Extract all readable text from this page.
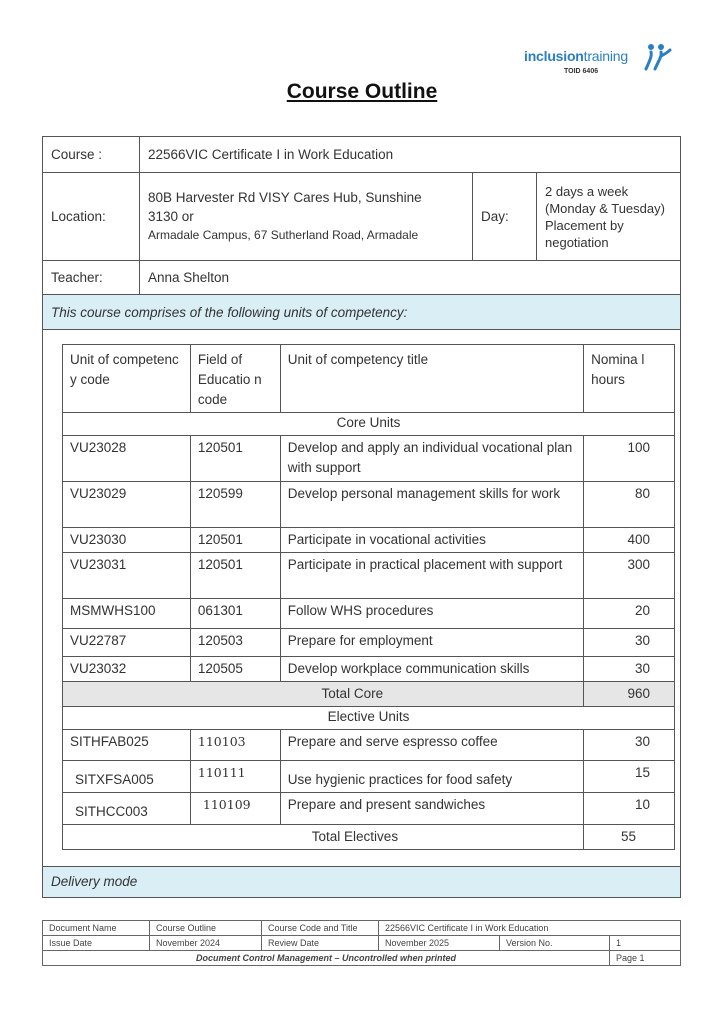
inclusiontraining
TOID 6406
Course Outline
Course :	22566VIC Certificate I in Work Education		
Location:	80B Harvester Rd VISY Cares Hub, Sunshine
3130 or
Armadale Campus, 67 Sutherland Road, Armadale	Day:	2 days a week (Monday & Tuesday) Placement by negotiation
Teacher:	Anna Shelton		
This course comprises of the following units of competency:			
Unit of competenc y code	Field of Educatio n code	Unit of competency title	Nomina l hours
Core Units			
VU23028	120501	Develop and apply an individual vocational plan with support	100
VU23029	120599	Develop personal management skills for work	80
VU23030	120501	Participate in vocational activities	400
VU23031	120501	Participate in practical placement with support	300
MSMWHS100	061301	Follow WHS procedures	20
VU22787	120503	Prepare for employment	30
VU23032	120505	Develop workplace communication skills	30
Total Core			960
Elective Units			
SITHFAB025	110103	Prepare and serve espresso coffee	30
SITXFSA005	110111	Use hygienic practices for food safety	15
SITHCC003	110109	Prepare and present sandwiches	10
Total Electives			55
Delivery mode
Document Name	Course Outline	Course Code and Title	22566VIC Certificate I in Work Education		
Issue Date	November 2024	Review Date	November 2025	Version No.	1
Document Control Management – Uncontrolled when printed					Page 1
